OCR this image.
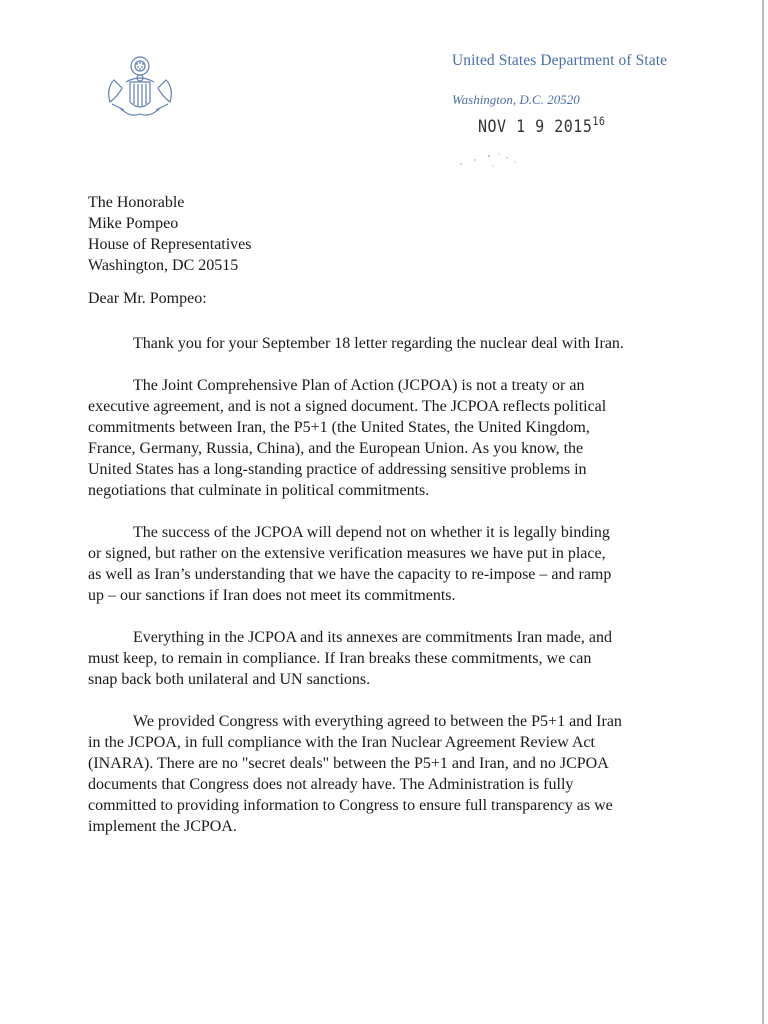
United States Department of State
Washington, D.C. 20520
NOV 1 9 2015$^{16}$
The Honorable
Mike Pompeo
House of Representatives
Washington, DC 20515
Dear Mr. Pompeo:

Thank you for your September 18 letter regarding the nuclear deal with Iran.

The Joint Comprehensive Plan of Action (JCPOA) is not a treaty or an
executive agreement, and is not a signed document. The JCPOA reflects political
commitments between Iran, the P5+1 (the United States, the United Kingdom,
France, Germany, Russia, China), and the European Union. As you know, the
United States has a long-standing practice of addressing sensitive problems in
negotiations that culminate in political commitments.

The success of the JCPOA will depend not on whether it is legally binding
or signed, but rather on the extensive verification measures we have put in place,
as well as Iran’s understanding that we have the capacity to re-impose – and ramp
up – our sanctions if Iran does not meet its commitments.

Everything in the JCPOA and its annexes are commitments Iran made, and
must keep, to remain in compliance. If Iran breaks these commitments, we can
snap back both unilateral and UN sanctions.

We provided Congress with everything agreed to between the P5+1 and Iran
in the JCPOA, in full compliance with the Iran Nuclear Agreement Review Act
(INARA). There are no "secret deals" between the P5+1 and Iran, and no JCPOA
documents that Congress does not already have. The Administration is fully
committed to providing information to Congress to ensure full transparency as we
implement the JCPOA.
